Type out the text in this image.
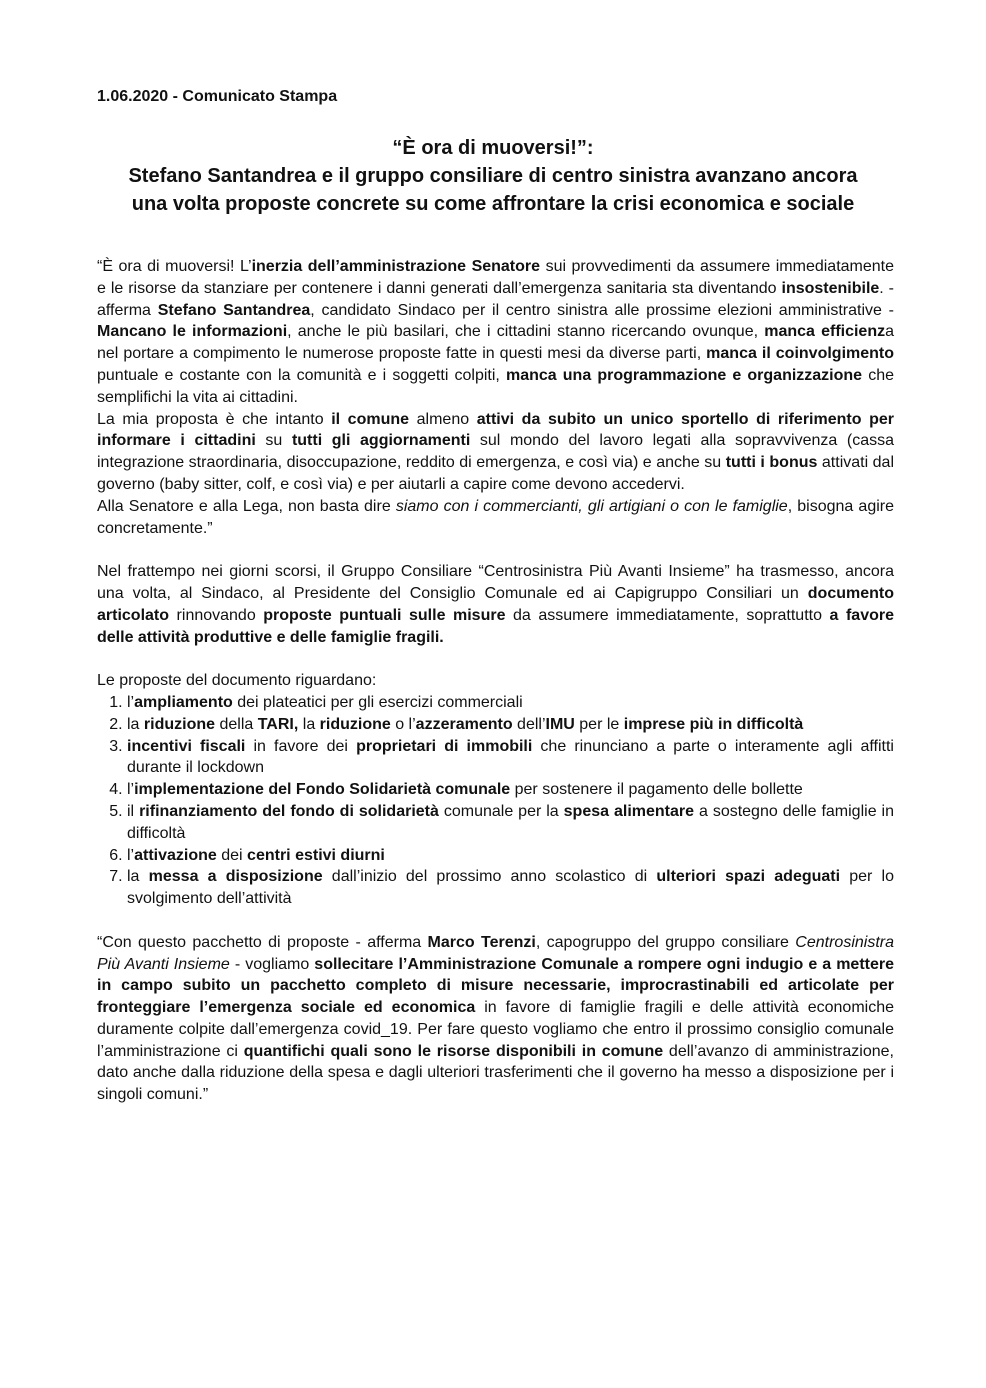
1.06.2020 - Comunicato Stampa

“È ora di muoversi!”:
Stefano Santandrea e il gruppo consiliare di centro sinistra avanzano ancora
una volta proposte concrete su come affrontare la crisi economica e sociale

“È ora di muoversi! L’inerzia dell’amministrazione Senatore sui provvedimenti da assumere immediatamente e le risorse da stanziare per contenere i danni generati dall’emergenza sanitaria sta diventando insostenibile. - afferma Stefano Santandrea, candidato Sindaco per il centro sinistra alle prossime elezioni amministrative - Mancano le informazioni, anche le più basilari, che i cittadini stanno ricercando ovunque, manca efficienza nel portare a compimento le numerose proposte fatte in questi mesi da diverse parti, manca il coinvolgimento puntuale e costante con la comunità e i soggetti colpiti, manca una programmazione e organizzazione che semplifichi la vita ai cittadini.

La mia proposta è che intanto il comune almeno attivi da subito un unico sportello di riferimento per informare i cittadini su tutti gli aggiornamenti sul mondo del lavoro legati alla sopravvivenza (cassa integrazione straordinaria, disoccupazione, reddito di emergenza, e così via) e anche su tutti i bonus attivati dal governo (baby sitter, colf, e così via) e per aiutarli a capire come devono accedervi.

Alla Senatore e alla Lega, non basta dire siamo con i commercianti, gli artigiani o con le famiglie, bisogna agire concretamente.”

Nel frattempo nei giorni scorsi, il Gruppo Consiliare “Centrosinistra Più Avanti Insieme” ha trasmesso, ancora una volta, al Sindaco, al Presidente del Consiglio Comunale ed ai Capigruppo Consiliari un documento articolato rinnovando proposte puntuali sulle misure da assumere immediatamente, soprattutto a favore delle attività produttive e delle famiglie fragili.

Le proposte del documento riguardano:

1. l’ampliamento dei plateatici per gli esercizi commerciali
2. la riduzione della TARI, la riduzione o l’azzeramento dell’IMU per le imprese più in difficoltà
3. incentivi fiscali in favore dei proprietari di immobili che rinunciano a parte o interamente agli affitti durante il lockdown
4. l’implementazione del Fondo Solidarietà comunale per sostenere il pagamento delle bollette
5. il rifinanziamento del fondo di solidarietà comunale per la spesa alimentare a sostegno delle famiglie in difficoltà
6. l’attivazione dei centri estivi diurni
7. la messa a disposizione dall’inizio del prossimo anno scolastico di ulteriori spazi adeguati per lo svolgimento dell’attività

“Con questo pacchetto di proposte - afferma Marco Terenzi, capogruppo del gruppo consiliare Centrosinistra Più Avanti Insieme - vogliamo sollecitare l’Amministrazione Comunale a rompere ogni indugio e a mettere in campo subito un pacchetto completo di misure necessarie, improcrastinabili ed articolate per fronteggiare l’emergenza sociale ed economica in favore di famiglie fragili e delle attività economiche duramente colpite dall’emergenza covid_19. Per fare questo vogliamo che entro il prossimo consiglio comunale l’amministrazione ci quantifichi quali sono le risorse disponibili in comune dell’avanzo di amministrazione, dato anche dalla riduzione della spesa e dagli ulteriori trasferimenti che il governo ha messo a disposizione per i singoli comuni.”
